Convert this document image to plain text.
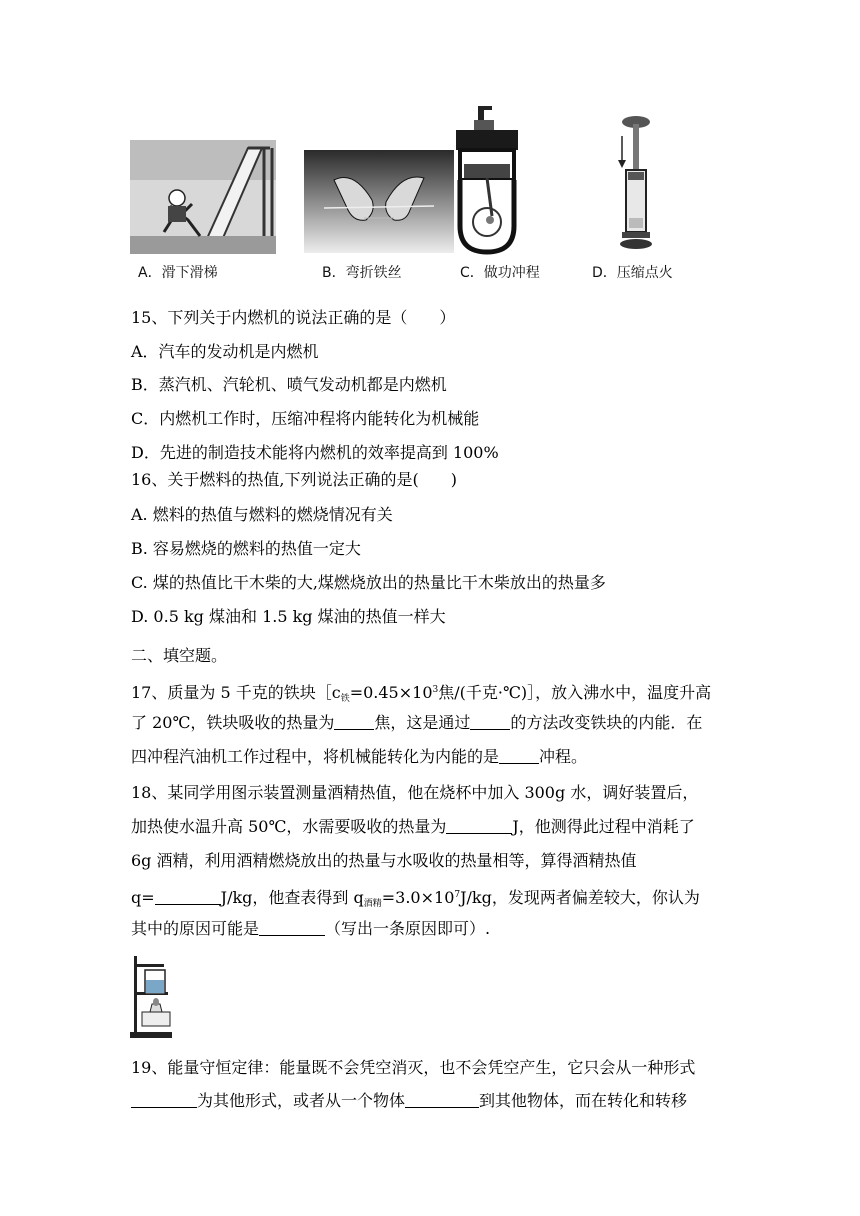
A．滑下滑梯	B．弯折铁丝	C．做功冲程	D．压缩点火
15、下列关于内燃机的说法正确的是（　　）
A．汽车的发动机是内燃机
B．蒸汽机、汽轮机、喷气发动机都是内燃机
C．内燃机工作时，压缩冲程将内能转化为机械能
D．先进的制造技术能将内燃机的效率提高到 100%
16、关于燃料的热值,下列说法正确的是(　　)
A. 燃料的热值与燃料的燃烧情况有关
B. 容易燃烧的燃料的热值一定大
C. 煤的热值比干木柴的大,煤燃烧放出的热量比干木柴放出的热量多
D. 0.5 kg 煤油和 1.5 kg 煤油的热值一样大
二、填空题。
17、质量为 5 千克的铁块$[c_铁=0.45\times 10^3$焦/(千克·℃)］，放入沸水中，温度升高
了 20℃，铁块吸收的热量为	焦，这是通过	的方法改变铁块的内能．在
四冲程汽油机工作过程中，将机械能转化为内能的是	冲程。
18、某同学用图示装置测量酒精热值，他在烧杯中加入 300g 水，调好装置后，
加热使水温升高 50℃，水需要吸收的热量为	J，他测得此过程中消耗了
6g 酒精，利用酒精燃烧放出的热量与水吸收的热量相等，算得酒精热值
q=	J/kg，他查表得到 $q_{酒精}=3.0\times 10^7J/kg$，发现两者偏差较大，你认为
其中的原因可能是	（写出一条原因即可）.
19、能量守恒定律：能量既不会凭空消灭，也不会凭空产生，它只会从一种形式
为其他形式，或者从一个物体	到其他物体，而在转化和转移
